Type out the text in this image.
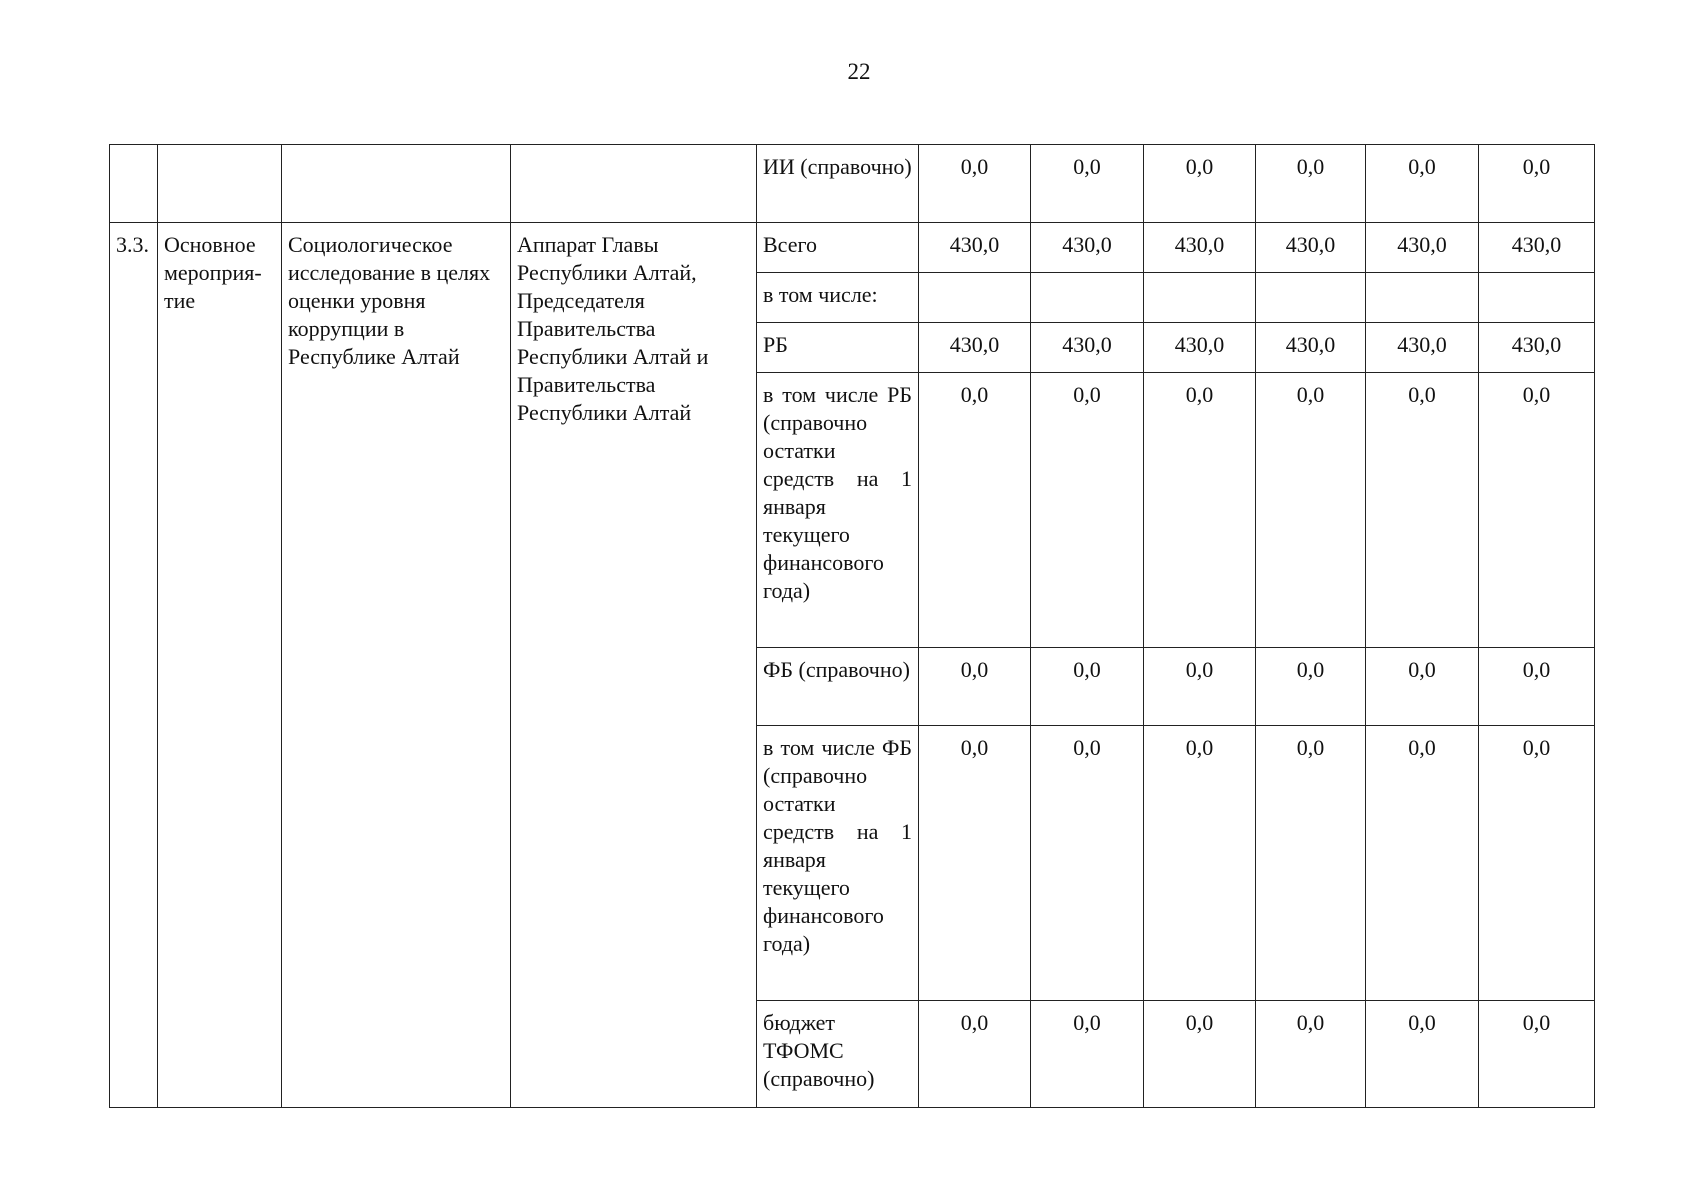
22
				ИИ (справочно)	0,0	0,0	0,0	0,0	0,0	0,0
3.3.	Основное мероприя-тие	Социологическое исследование в целях оценки уровня коррупции в Республике Алтай	Аппарат Главы Республики Алтай, Председателя Правительства Республики Алтай и Правительства Республики Алтай	Всего	430,0	430,0	430,0	430,0	430,0	430,0
				в том числе:						
				РБ	430,0	430,0	430,0	430,0	430,0	430,0
				в том числе РБ (справочно остатки средств на 1 января текущего финансового года)	0,0	0,0	0,0	0,0	0,0	0,0
				ФБ (справочно)	0,0	0,0	0,0	0,0	0,0	0,0
				в том числе ФБ (справочно остатки средств на 1 января текущего финансового года)	0,0	0,0	0,0	0,0	0,0	0,0
				бюджет ТФОМС (справочно)	0,0	0,0	0,0	0,0	0,0	0,0
